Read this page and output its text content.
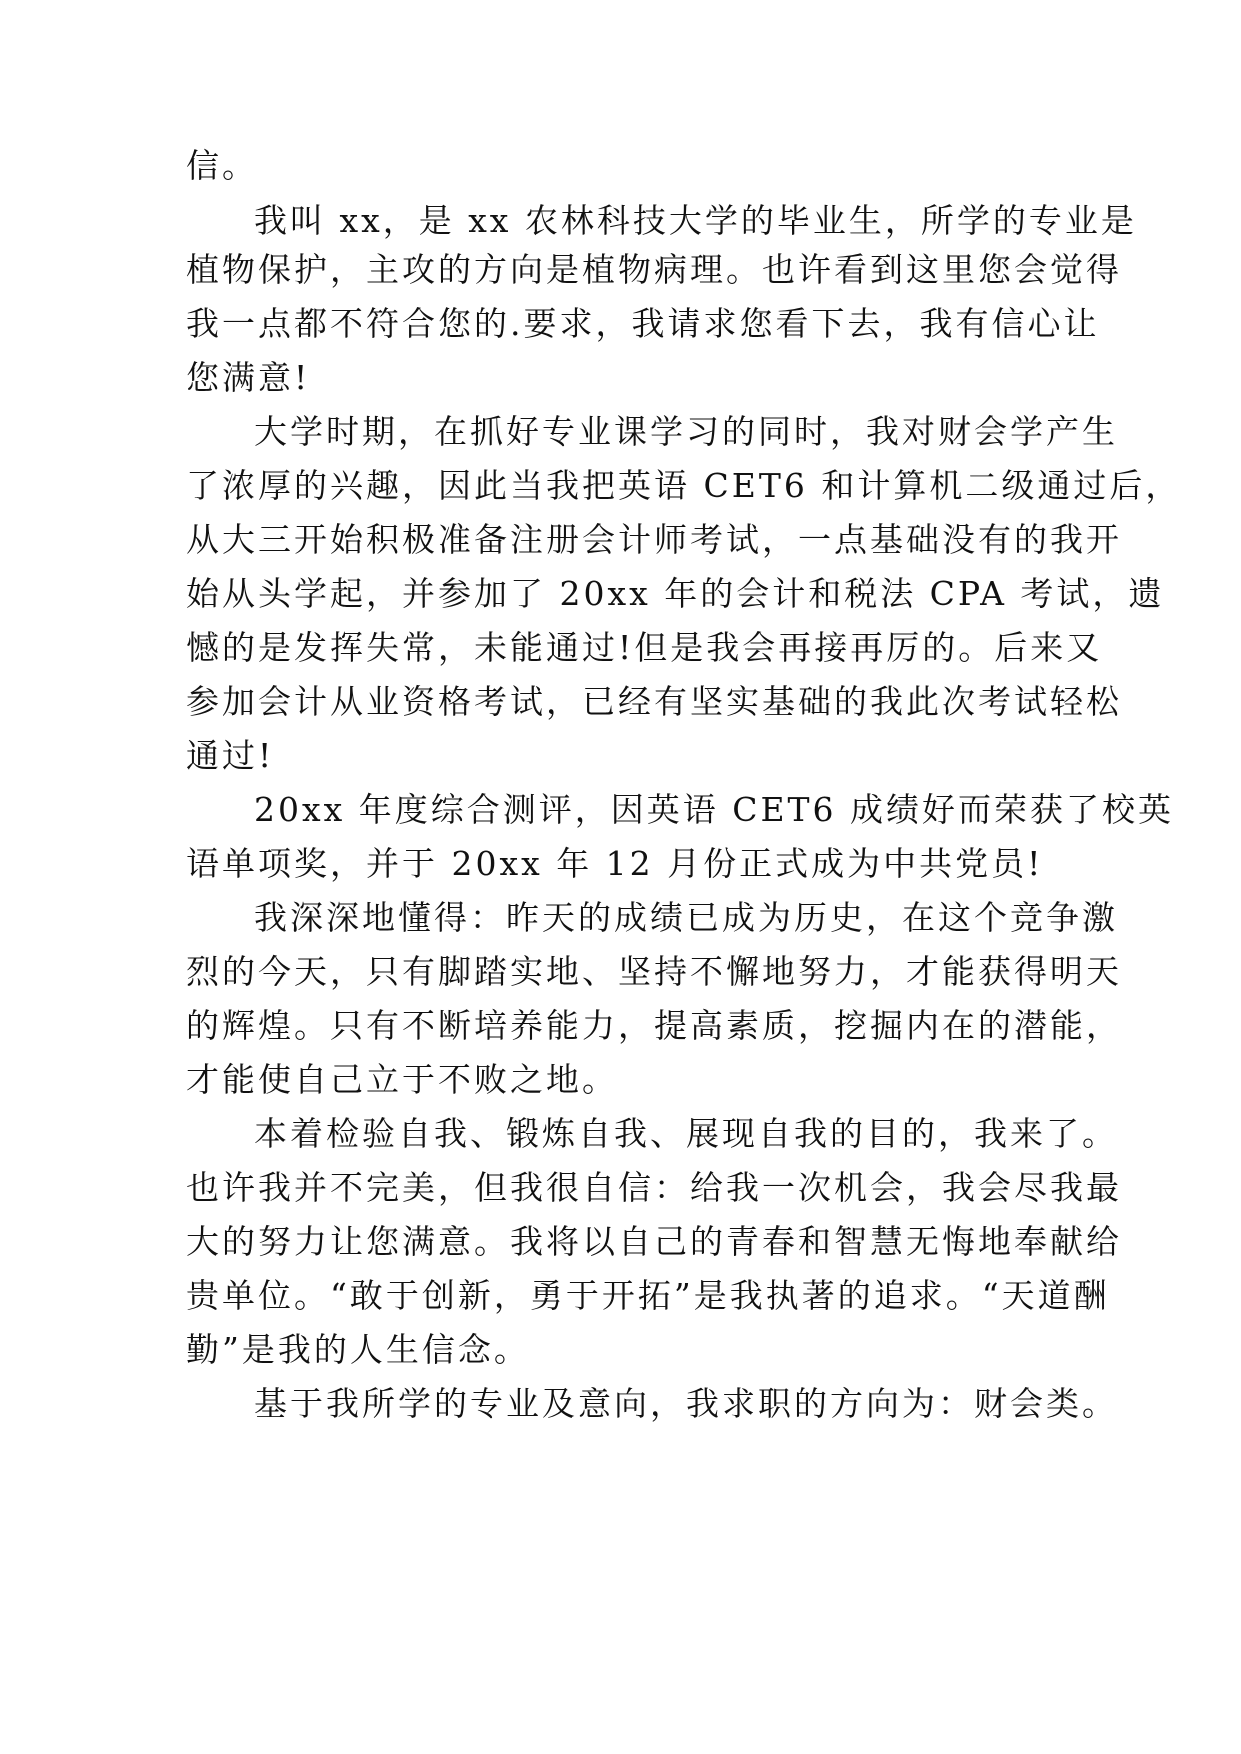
信。
我叫 xx，是 xx 农林科技大学的毕业生，所学的专业是
植物保护，主攻的方向是植物病理。也许看到这里您会觉得
我一点都不符合您的.要求，我请求您看下去，我有信心让
您满意!
大学时期，在抓好专业课学习的同时，我对财会学产生
了浓厚的兴趣，因此当我把英语 CET6 和计算机二级通过后，
从大三开始积极准备注册会计师考试，一点基础没有的我开
始从头学起，并参加了 20xx 年的会计和税法 CPA 考试，遗
憾的是发挥失常，未能通过!但是我会再接再厉的。后来又
参加会计从业资格考试，已经有坚实基础的我此次考试轻松
通过!
20xx 年度综合测评，因英语 CET6 成绩好而荣获了校英
语单项奖，并于 20xx 年 12 月份正式成为中共党员!
我深深地懂得：昨天的成绩已成为历史，在这个竞争激
烈的今天，只有脚踏实地、坚持不懈地努力，才能获得明天
的辉煌。只有不断培养能力，提高素质，挖掘内在的潜能，
才能使自己立于不败之地。
本着检验自我、锻炼自我、展现自我的目的，我来了。
也许我并不完美，但我很自信：给我一次机会，我会尽我最
大的努力让您满意。我将以自己的青春和智慧无悔地奉献给
贵单位。“敢于创新，勇于开拓”是我执著的追求。“天道酬
勤”是我的人生信念。
基于我所学的专业及意向，我求职的方向为：财会类。
